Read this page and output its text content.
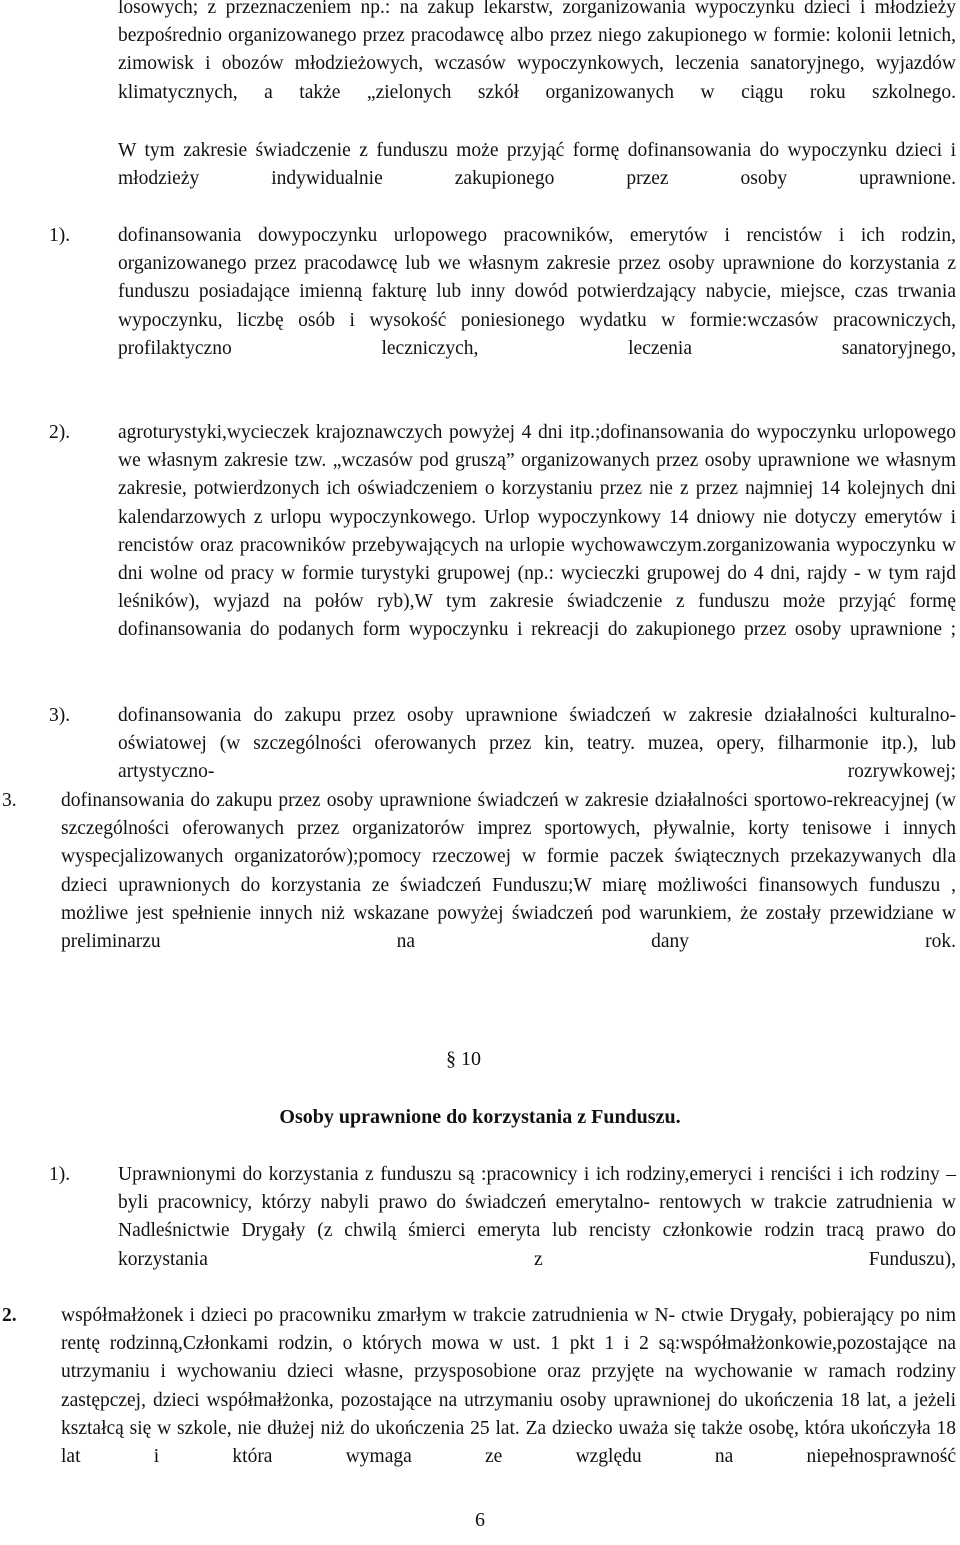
losowych; z przeznaczeniem np.: na zakup lekarstw, zorganizowania wypoczynku dzieci i młodzieży bezpośrednio organizowanego przez pracodawcę albo przez niego zakupionego w formie: kolonii letnich, zimowisk i obozów młodzieżowych, wczasów wypoczynkowych, leczenia sanatoryjnego, wyjazdów klimatycznych, a także „zielonych szkół organizowanych w ciągu roku szkolnego.
W tym zakresie świadczenie z funduszu może przyjąć formę dofinansowania do wypoczynku dzieci i młodzieży indywidualnie zakupionego przez osoby uprawnione.
1). dofinansowania dowypoczynku urlopowego pracowników, emerytów i rencistów i ich rodzin, organizowanego przez pracodawcę lub we własnym zakresie przez osoby uprawnione do korzystania z funduszu posiadające imienną fakturę lub inny dowód potwierdzający nabycie, miejsce, czas trwania wypoczynku, liczbę osób i wysokość poniesionego wydatku w formie:wczasów pracowniczych, profilaktyczno leczniczych, leczenia sanatoryjnego,
2). agroturystyki,wycieczek krajoznawczych powyżej 4 dni itp.;dofinansowania do wypoczynku urlopowego we własnym zakresie tzw. „wczasów pod gruszą” organizowanych przez osoby uprawnione we własnym zakresie, potwierdzonych ich oświadczeniem o korzystaniu przez nie z przez najmniej 14 kolejnych dni kalendarzowych z urlopu wypoczynkowego. Urlop wypoczynkowy 14 dniowy nie dotyczy emerytów i rencistów oraz pracowników przebywających na urlopie wychowawczym.zorganizowania wypoczynku w dni wolne od pracy w formie turystyki grupowej (np.: wycieczki grupowej do 4 dni, rajdy - w tym rajd leśników), wyjazd na połów ryb),W tym zakresie świadczenie z funduszu może przyjąć formę dofinansowania do podanych form wypoczynku i rekreacji do zakupionego przez osoby uprawnione ;
3). dofinansowania do zakupu przez osoby uprawnione świadczeń w zakresie działalności kulturalno-oświatowej (w szczególności oferowanych przez kin, teatry. muzea, opery, filharmonie itp.), lub artystyczno- rozrywkowej;
3. dofinansowania do zakupu przez osoby uprawnione świadczeń w zakresie działalności sportowo-rekreacyjnej (w szczególności oferowanych przez organizatorów imprez sportowych, pływalnie, korty tenisowe i innych wyspecjalizowanych organizatorów);pomocy rzeczowej w formie paczek świątecznych przekazywanych dla dzieci uprawnionych do korzystania ze świadczeń Funduszu;W miarę możliwości finansowych funduszu , możliwe jest spełnienie innych niż wskazane powyżej świadczeń pod warunkiem, że zostały przewidziane w preliminarzu na dany rok.
§ 10
Osoby uprawnione do korzystania z Funduszu.
1). Uprawnionymi do korzystania z funduszu są :pracownicy i ich rodziny,emeryci i renciści i ich rodziny – byli pracownicy, którzy nabyli prawo do świadczeń emerytalno- rentowych w trakcie zatrudnienia w Nadleśnictwie Drygały (z chwilą śmierci emeryta lub rencisty członkowie rodzin tracą prawo do korzystania z Funduszu),
2. współmałżonek i dzieci po pracowniku zmarłym w trakcie zatrudnienia w N- ctwie Drygały, pobierający po nim rentę rodzinną,Członkami rodzin, o których mowa w ust. 1 pkt 1 i 2 są:współmałżonkowie,pozostające na utrzymaniu i wychowaniu dzieci własne, przysposobione oraz przyjęte na wychowanie w ramach rodziny zastępczej, dzieci współmałżonka, pozostające na utrzymaniu osoby uprawnionej do ukończenia 18 lat, a jeżeli kształcą się w szkole, nie dłużej niż do ukończenia 25 lat. Za dziecko uważa się także osobę, która ukończyła 18 lat i która wymaga ze względu na niepełnosprawność
6
